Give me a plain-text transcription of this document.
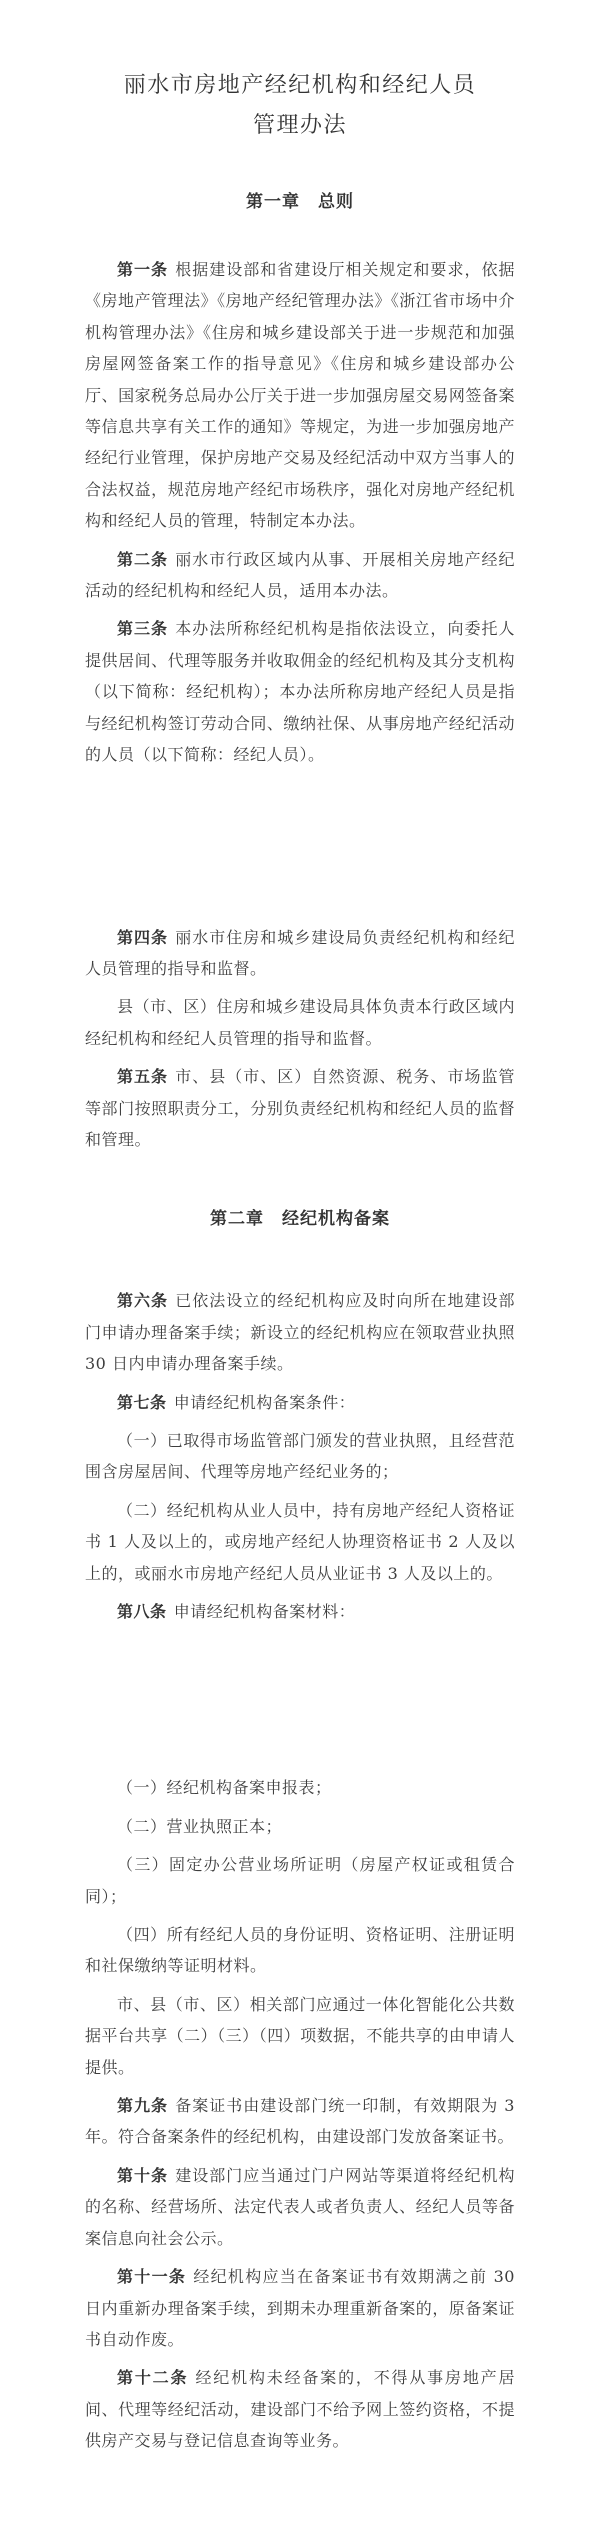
丽水市房地产经纪机构和经纪人员
管理办法
第一章　总则

第一条 根据建设部和省建设厅相关规定和要求，依据《房地产管理法》《房地产经纪管理办法》《浙江省市场中介机构管理办法》《住房和城乡建设部关于进一步规范和加强房屋网签备案工作的指导意见》《住房和城乡建设部办公厅、国家税务总局办公厅关于进一步加强房屋交易网签备案等信息共享有关工作的通知》等规定，为进一步加强房地产经纪行业管理，保护房地产交易及经纪活动中双方当事人的合法权益，规范房地产经纪市场秩序，强化对房地产经纪机构和经纪人员的管理，特制定本办法。

第二条 丽水市行政区域内从事、开展相关房地产经纪活动的经纪机构和经纪人员，适用本办法。

第三条 本办法所称经纪机构是指依法设立，向委托人提供居间、代理等服务并收取佣金的经纪机构及其分支机构（以下简称：经纪机构）；本办法所称房地产经纪人员是指与经纪机构签订劳动合同、缴纳社保、从事房地产经纪活动的人员（以下简称：经纪人员）。

第四条 丽水市住房和城乡建设局负责经纪机构和经纪人员管理的指导和监督。

县（市、区）住房和城乡建设局具体负责本行政区域内经纪机构和经纪人员管理的指导和监督。

第五条 市、县（市、区）自然资源、税务、市场监管等部门按照职责分工，分别负责经纪机构和经纪人员的监督和管理。

第二章　经纪机构备案

第六条 已依法设立的经纪机构应及时向所在地建设部门申请办理备案手续；新设立的经纪机构应在领取营业执照 30 日内申请办理备案手续。

第七条 申请经纪机构备案条件：

（一）已取得市场监管部门颁发的营业执照，且经营范围含房屋居间、代理等房地产经纪业务的；

（二）经纪机构从业人员中，持有房地产经纪人资格证书 1 人及以上的，或房地产经纪人协理资格证书 2 人及以上的，或丽水市房地产经纪人员从业证书 3 人及以上的。

第八条 申请经纪机构备案材料：

（一）经纪机构备案申报表；

（二）营业执照正本；

（三）固定办公营业场所证明（房屋产权证或租赁合同）；

（四）所有经纪人员的身份证明、资格证明、注册证明和社保缴纳等证明材料。

市、县（市、区）相关部门应通过一体化智能化公共数据平台共享（二）（三）（四）项数据，不能共享的由申请人提供。

第九条 备案证书由建设部门统一印制，有效期限为 3 年。符合备案条件的经纪机构，由建设部门发放备案证书。

第十条 建设部门应当通过门户网站等渠道将经纪机构的名称、经营场所、法定代表人或者负责人、经纪人员等备案信息向社会公示。

第十一条 经纪机构应当在备案证书有效期满之前 30 日内重新办理备案手续，到期未办理重新备案的，原备案证书自动作废。

第十二条 经纪机构未经备案的，不得从事房地产居间、代理等经纪活动，建设部门不给予网上签约资格，不提供房产交易与登记信息查询等业务。
